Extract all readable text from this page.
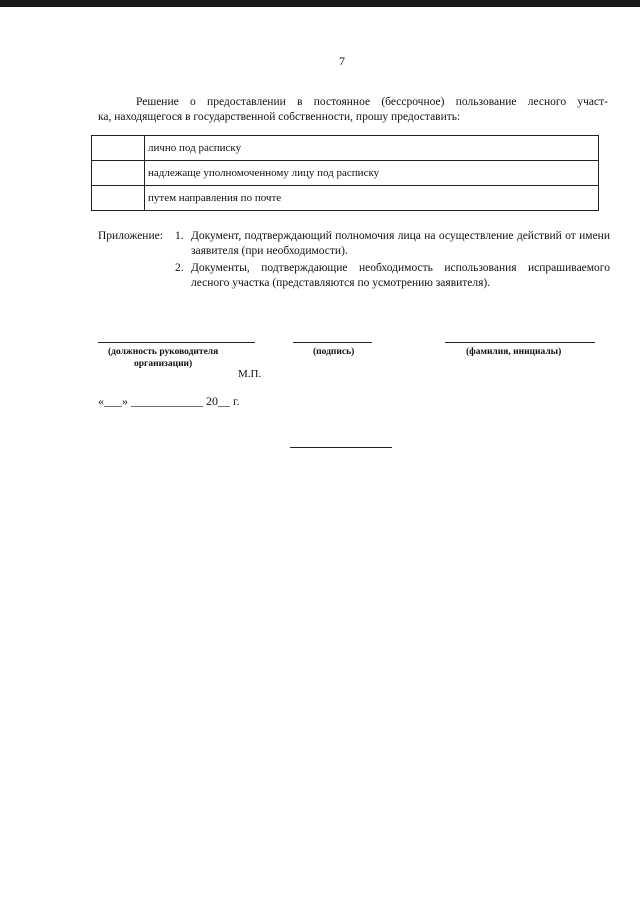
7
Решение о предоставлении в постоянное (бессрочное) пользование лесного участ-
ка, находящегося в государственной собственности, прошу предоставить:
	лично под расписку
	надлежаще уполномоченному лицу под расписку
	путем направления по почте
Приложение:	1. Документ, подтверждающий полномочия лица на осуществление действий от имени заявителя (при необходимости).
2. Документы, подтверждающие необходимость использования испрашиваемого лесного участка (представляются по усмотрению заявителя).
(должность руководителя
организации)
(подпись)	(фамилия, инициалы)
М.П.
«___» ____________ 20__ г.
